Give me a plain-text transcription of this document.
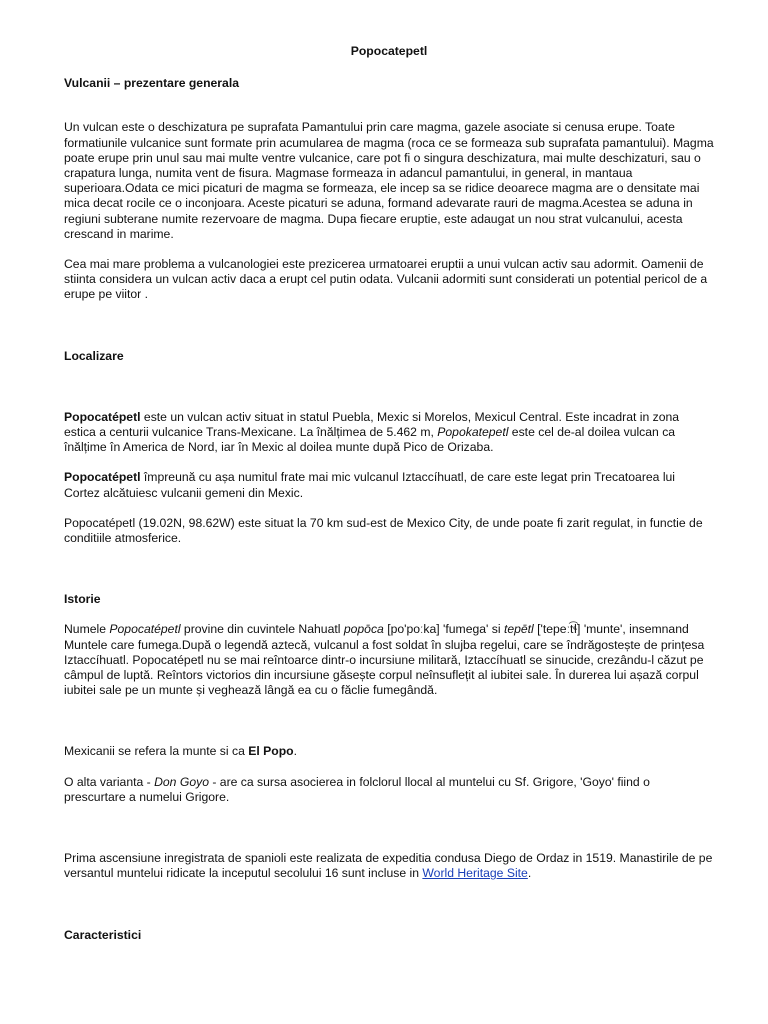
Popocatepetl
Vulcanii – prezentare generala

Un vulcan este o deschizatura pe suprafata Pamantului prin care magma, gazele asociate si cenusa erupe. Toate formatiunile vulcanice sunt formate prin acumularea de magma (roca ce se formeaza sub suprafata pamantului). Magma poate erupe prin unul sau mai multe ventre vulcanice, care pot fi o singura deschizatura, mai multe deschizaturi, sau o crapatura lunga, numita vent de fisura. Magmase formeaza in adancul pamantului, in general, in mantaua superioara.Odata ce mici picaturi de magma se formeaza, ele incep sa se ridice deoarece magma are o densitate mai mica decat rocile ce o inconjoara. Aceste picaturi se aduna, formand adevarate rauri de magma.Acestea se aduna in regiuni subterane numite rezervoare de magma. Dupa fiecare eruptie, este adaugat un nou strat vulcanului, acesta crescand in marime.

Cea mai mare problema a vulcanologiei este prezicerea urmatoarei eruptii a unui vulcan activ sau adormit. Oamenii de stiinta considera un vulcan activ daca a erupt cel putin odata. Vulcanii adormiti sunt considerati un potential pericol de a erupe pe viitor .

Localizare

Popocatépetl este un vulcan activ situat in statul Puebla, Mexic si Morelos, Mexicul Central. Este incadrat in zona estica a centurii vulcanice Trans-Mexicane. La înălțimea de 5.462 m, Popokatepetl este cel de-al doilea vulcan ca înălțime în America de Nord, iar în Mexic al doilea munte după Pico de Orizaba.

Popocatépetl împreună cu așa numitul frate mai mic vulcanul Iztaccíhuatl, de care este legat prin Trecatoarea lui Cortez alcătuiesc vulcanii gemeni din Mexic.

Popocatépetl (19.02N, 98.62W) este situat la 70 km sud-est de Mexico City, de unde poate fi zarit regulat, in functie de conditiile atmosferice.

Istorie

Numele Popocatépetl provine din cuvintele Nahuatl popōca [po'poːka] 'fumega' si tepētl ['tepeːt͡ɬ] 'munte', insemnand Muntele care fumega.După o legendă aztecă, vulcanul a fost soldat în slujba regelui, care se îndrăgostește de prințesa Iztaccíhuatl. Popocatépetl nu se mai reîntoarce dintr-o incursiune militară, Iztaccíhuatl se sinucide, crezându-l căzut pe câmpul de luptă. Reîntors victorios din incursiune găsește corpul neînsuflețit al iubitei sale. În durerea lui așază corpul iubitei sale pe un munte și veghează lângă ea cu o făclie fumegândă.

Mexicanii se refera la munte si ca El Popo.

O alta varianta - Don Goyo - are ca sursa asocierea in folclorul llocal al muntelui cu Sf. Grigore, 'Goyo' fiind o prescurtare a numelui Grigore.

Prima ascensiune inregistrata de spanioli este realizata de expeditia condusa Diego de Ordaz in 1519. Manastirile de pe versantul muntelui ridicate la inceputul secolului 16 sunt incluse in World Heritage Site.

Caracteristici
